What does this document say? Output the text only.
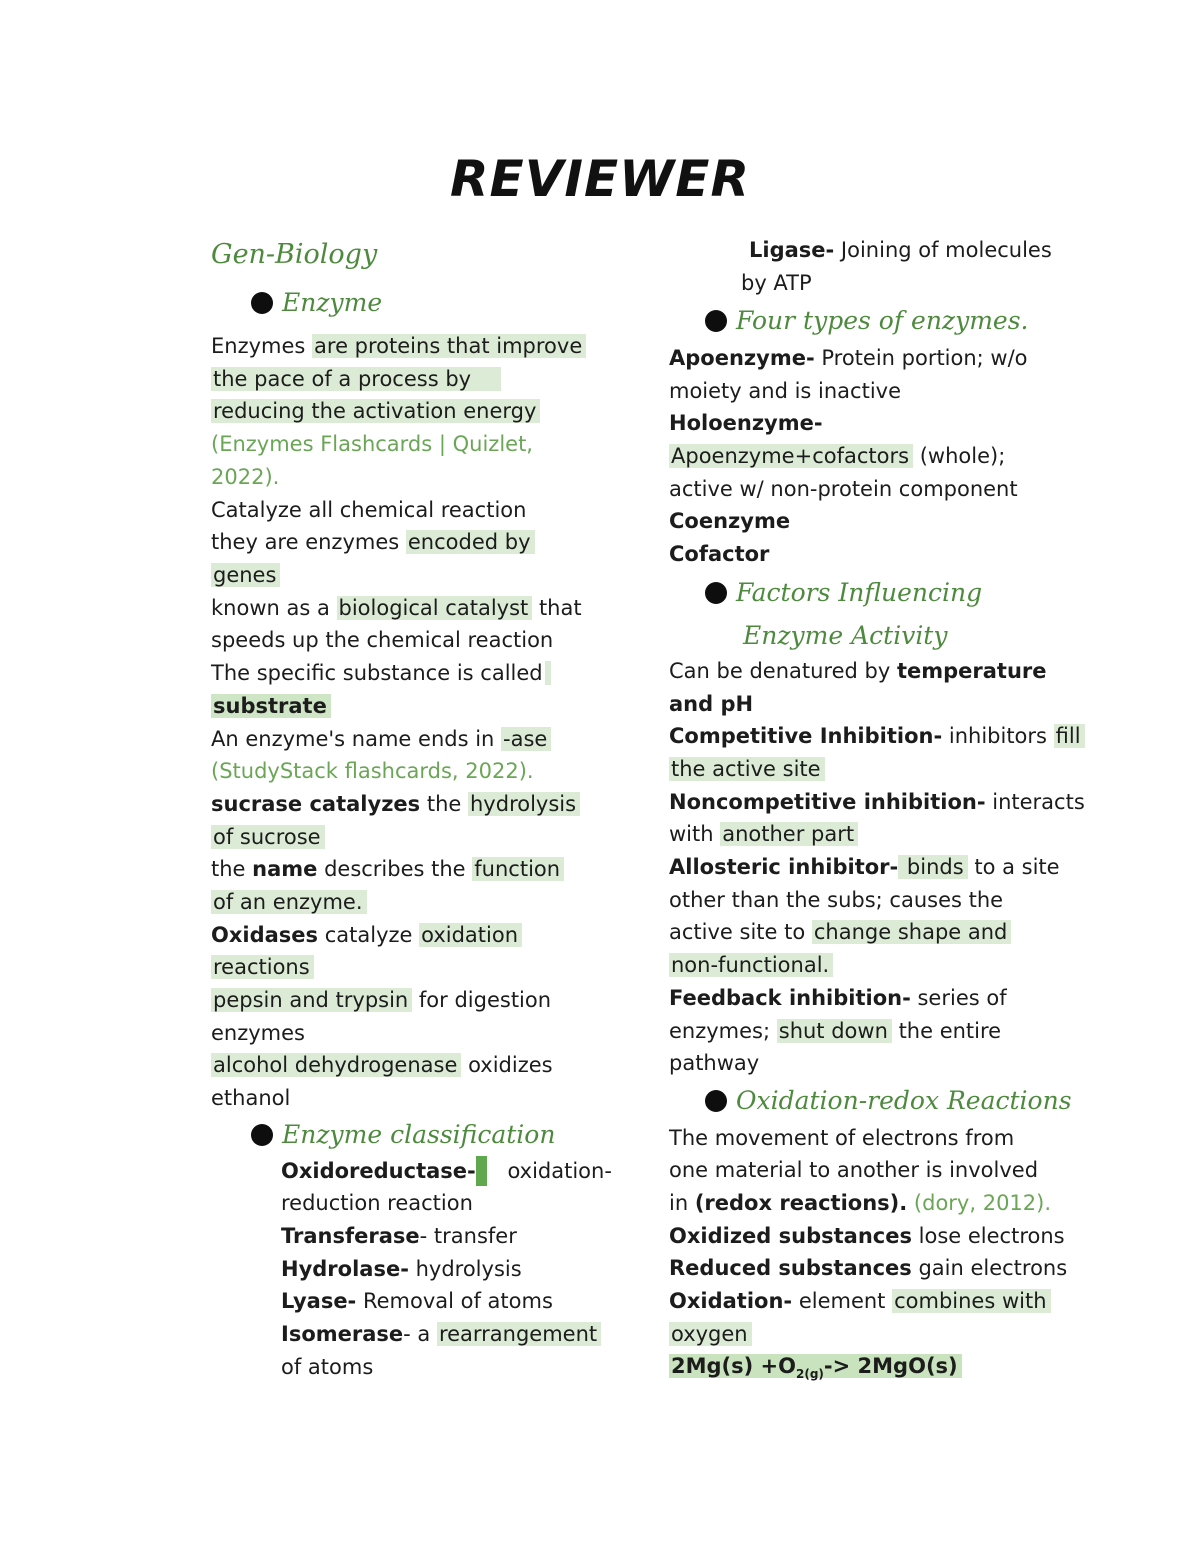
REVIEWER
Gen-Biology
Enzyme
Enzymes are proteins that improve
the pace of a process by
reducing the activation energy
(Enzymes Flashcards | Quizlet,
2022).
Catalyze all chemical reaction
they are enzymes encoded by
genes
known as a biological catalyst that
speeds up the chemical reaction
The specific substance is called
substrate
An enzyme's name ends in -ase
(StudyStack flashcards, 2022).
sucrase catalyzes the hydrolysis
of sucrose
the name describes the function
of an enzyme.
Oxidases catalyze oxidation
reactions
pepsin and trypsin for digestion
enzymes
alcohol dehydrogenase oxidizes
ethanol
Enzyme classification
Oxidoreductase- oxidation-
reduction reaction
Transferase- transfer
Hydrolase- hydrolysis
Lyase- Removal of atoms
Isomerase- a rearrangement
of atoms
Ligase- Joining of molecules
by ATP
Four types of enzymes.
Apoenzyme- Protein portion; w/o
moiety and is inactive
Holoenzyme-
Apoenzyme+cofactors (whole);
active w/ non-protein component
Coenzyme
Cofactor
Factors Influencing
Enzyme Activity
Can be denatured by temperature
and pH
Competitive Inhibition- inhibitors fill
the active site
Noncompetitive inhibition- interacts
with another part
Allosteric inhibitor- binds to a site
other than the subs; causes the
active site to change shape and
non-functional.
Feedback inhibition- series of
enzymes; shut down the entire
pathway
Oxidation-redox Reactions
The movement of electrons from
one material to another is involved
in (redox reactions). (dory, 2012).
Oxidized substances lose electrons
Reduced substances gain electrons
Oxidation- element combines with
oxygen
$2Mg(s) +O_{2(g)}-> 2MgO(s)$
